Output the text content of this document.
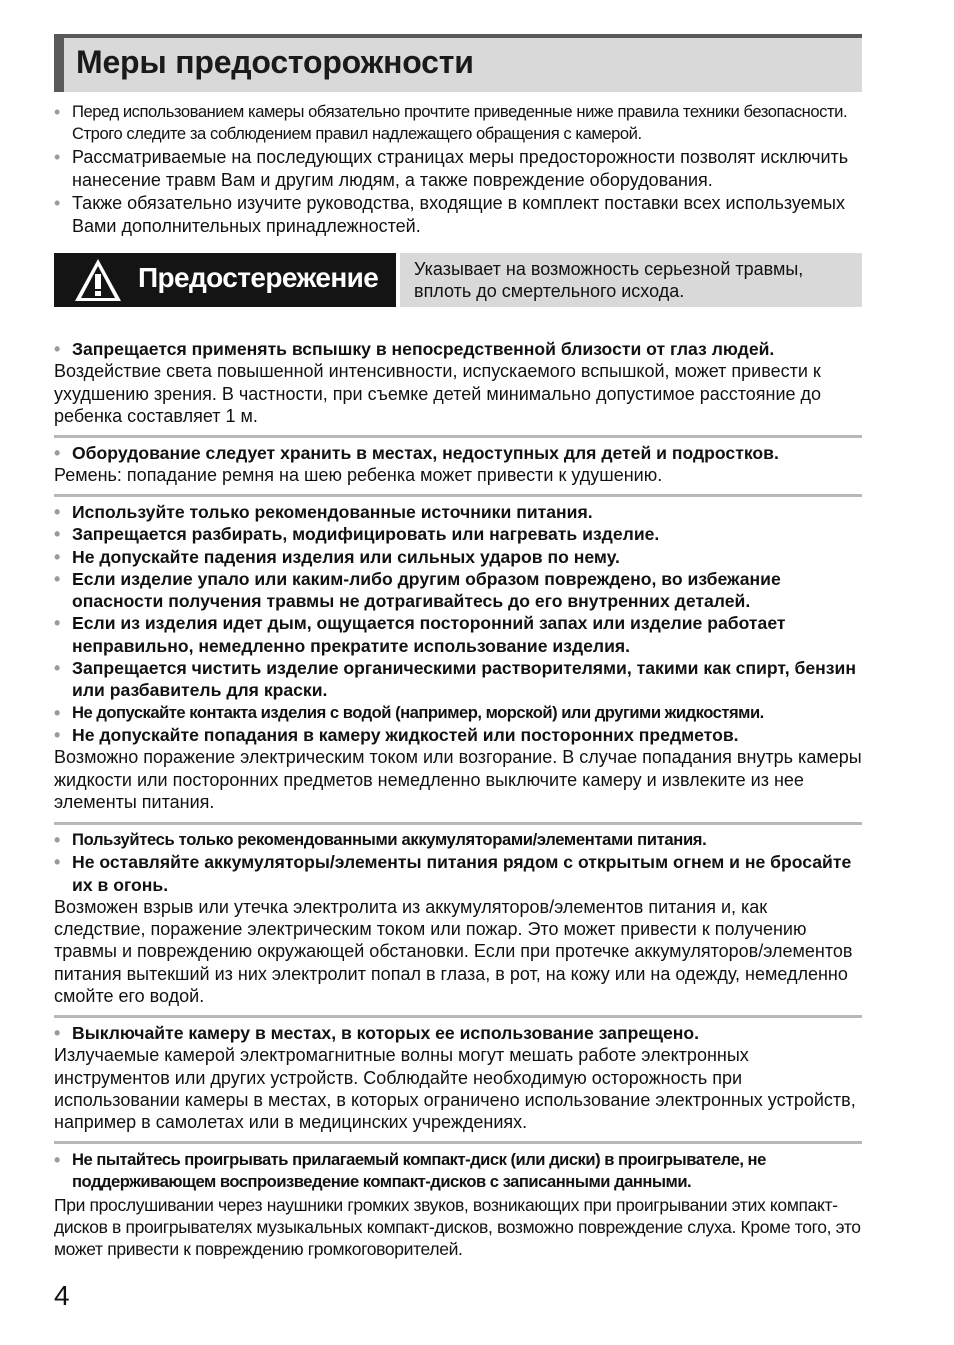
Меры предосторожности
• Перед использованием камеры обязательно прочтите приведенные ниже правила техники безопасности. Строго следите за соблюдением правил надлежащего обращения с камерой.
• Рассматриваемые на последующих страницах меры предосторожности позволят исключить нанесение травм Вам и другим людям, а также повреждение оборудования.
• Также обязательно изучите руководства, входящие в комплект поставки всех используемых Вами дополнительных принадлежностей.
Предостережение	Указывает на возможность серьезной травмы, вплоть до смертельного исхода.
• Запрещается применять вспышку в непосредственной близости от глаз людей.
Воздействие света повышенной интенсивности, испускаемого вспышкой, может привести к ухудшению зрения. В частности, при съемке детей минимально допустимое расстояние до ребенка составляет 1 м.
• Оборудование следует хранить в местах, недоступных для детей и подростков.
Ремень: попадание ремня на шею ребенка может привести к удушению.
• Используйте только рекомендованные источники питания.
• Запрещается разбирать, модифицировать или нагревать изделие.
• Не допускайте падения изделия или сильных ударов по нему.
• Если изделие упало или каким-либо другим образом повреждено, во избежание опасности получения травмы не дотрагивайтесь до его внутренних деталей.
• Если из изделия идет дым, ощущается посторонний запах или изделие работает неправильно, немедленно прекратите использование изделия.
• Запрещается чистить изделие органическими растворителями, такими как спирт, бензин или разбавитель для краски.
• Не допускайте контакта изделия с водой (например, морской) или другими жидкостями.
• Не допускайте попадания в камеру жидкостей или посторонних предметов.
Возможно поражение электрическим током или возгорание. В случае попадания внутрь камеры жидкости или посторонних предметов немедленно выключите камеру и извлеките из нее элементы питания.
• Пользуйтесь только рекомендованными аккумуляторами/элементами питания.
• Не оставляйте аккумуляторы/элементы питания рядом с открытым огнем и не бросайте их в огонь.
Возможен взрыв или утечка электролита из аккумуляторов/элементов питания и, как следствие, поражение электрическим током или пожар. Это может привести к получению травмы и повреждению окружающей обстановки. Если при протечке аккумуляторов/элементов питания вытекший из них электролит попал в глаза, в рот, на кожу или на одежду, немедленно смойте его водой.
• Выключайте камеру в местах, в которых ее использование запрещено.
Излучаемые камерой электромагнитные волны могут мешать работе электронных инструментов или других устройств. Соблюдайте необходимую осторожность при использовании камеры в местах, в которых ограничено использование электронных устройств, например в самолетах или в медицинских учреждениях.
• Не пытайтесь проигрывать прилагаемый компакт-диск (или диски) в проигрывателе, не поддерживающем воспроизведение компакт-дисков с записанными данными.
При прослушивании через наушники громких звуков, возникающих при проигрывании этих компакт-дисков в проигрывателях музыкальных компакт-дисков, возможно повреждение слуха. Кроме того, это может привести к повреждению громкоговорителей.
4
